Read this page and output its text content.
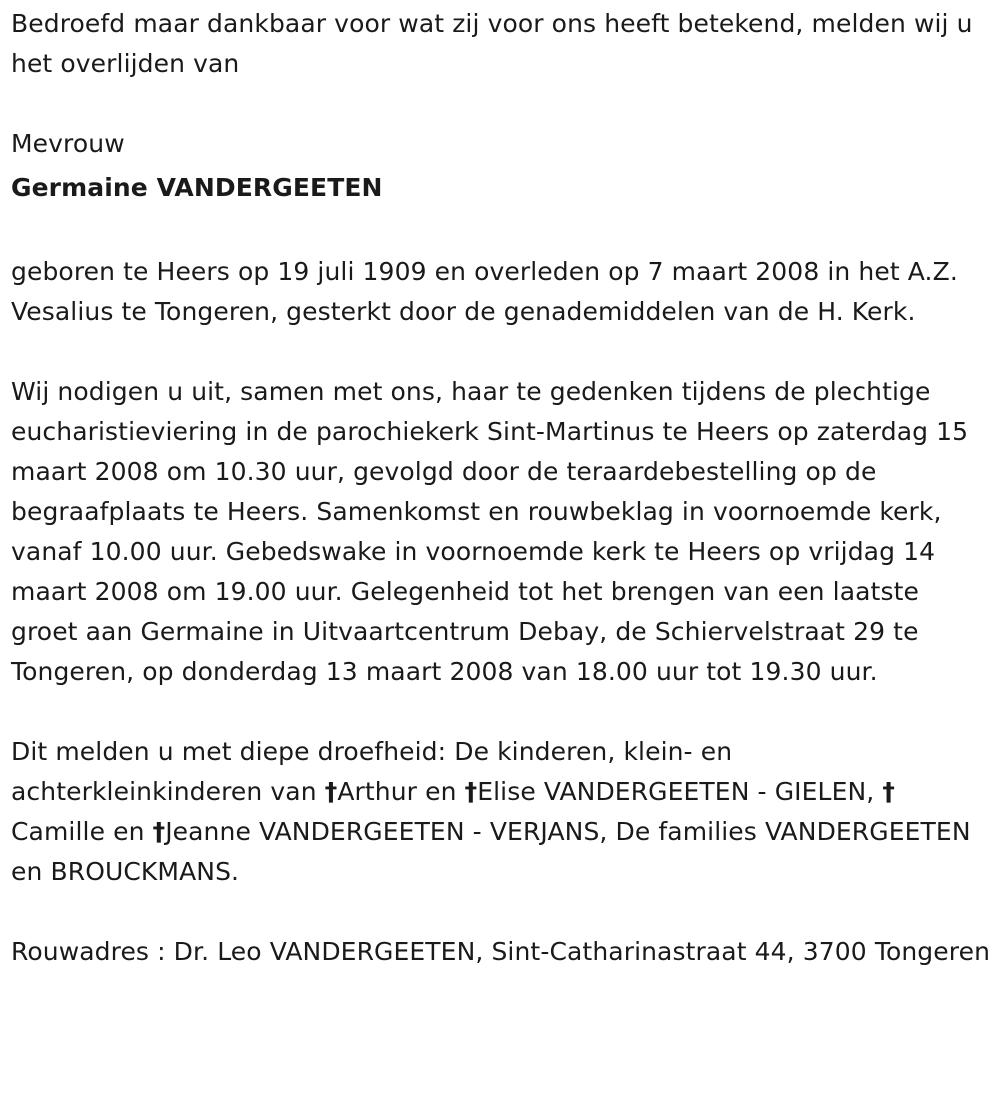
Bedroefd maar dankbaar voor wat zij voor ons heeft betekend, melden wij u het overlijden van

Mevrouw

Germaine VANDERGEETEN

geboren te Heers op 19 juli 1909 en overleden op 7 maart 2008 in het A.Z. Vesalius te Tongeren, gesterkt door de genademiddelen van de H. Kerk.

Wij nodigen u uit, samen met ons, haar te gedenken tijdens de plechtige eucharistieviering in de parochiekerk Sint-Martinus te Heers op zaterdag 15 maart 2008 om 10.30 uur, gevolgd door de teraardebestelling op de begraafplaats te Heers. Samenkomst en rouwbeklag in voornoemde kerk, vanaf 10.00 uur. Gebedswake in voornoemde kerk te Heers op vrijdag 14 maart 2008 om 19.00 uur. Gelegenheid tot het brengen van een laatste groet aan Germaine in Uitvaartcentrum Debay, de Schiervelstraat 29 te Tongeren, op donderdag 13 maart 2008 van 18.00 uur tot 19.30 uur.

Dit melden u met diepe droefheid: De kinderen, klein- en achterkleinkinderen van †Arthur en †Elise VANDERGEETEN - GIELEN, † Camille en †Jeanne VANDERGEETEN - VERJANS, De families VANDERGEETEN en BROUCKMANS.

Rouwadres : Dr. Leo VANDERGEETEN, Sint-Catharinastraat 44, 3700 Tongeren
